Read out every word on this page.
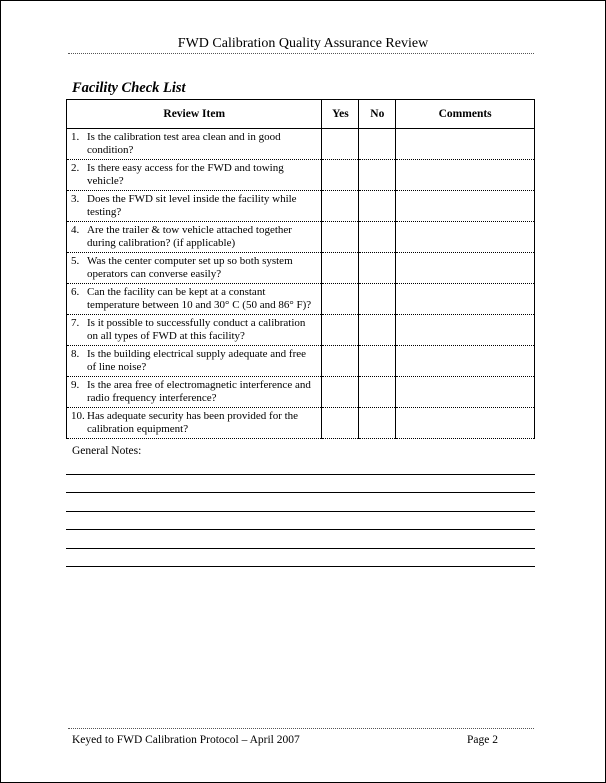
FWD Calibration Quality Assurance Review
Facility Check List
Review Item	Yes	No	Comments

1. Is the calibration test area clean and in good condition?			

2. Is there easy access for the FWD and towing vehicle?			

3. Does the FWD sit level inside the facility while testing?			

4. Are the trailer & tow vehicle attached together during calibration? (if applicable)			

5. Was the center computer set up so both system operators can converse easily?			

6. Can the facility can be kept at a constant temperature between 10 and 30° C (50 and 86° F)?			

7. Is it possible to successfully conduct a calibration on all types of FWD at this facility?			

8. Is the building electrical supply adequate and free of line noise?			

9. Is the area free of electromagnetic interference and radio frequency interference?			

10. Has adequate security has been provided for the calibration equipment?			

General Notes:
Keyed to FWD Calibration Protocol – April 2007	Page 2
